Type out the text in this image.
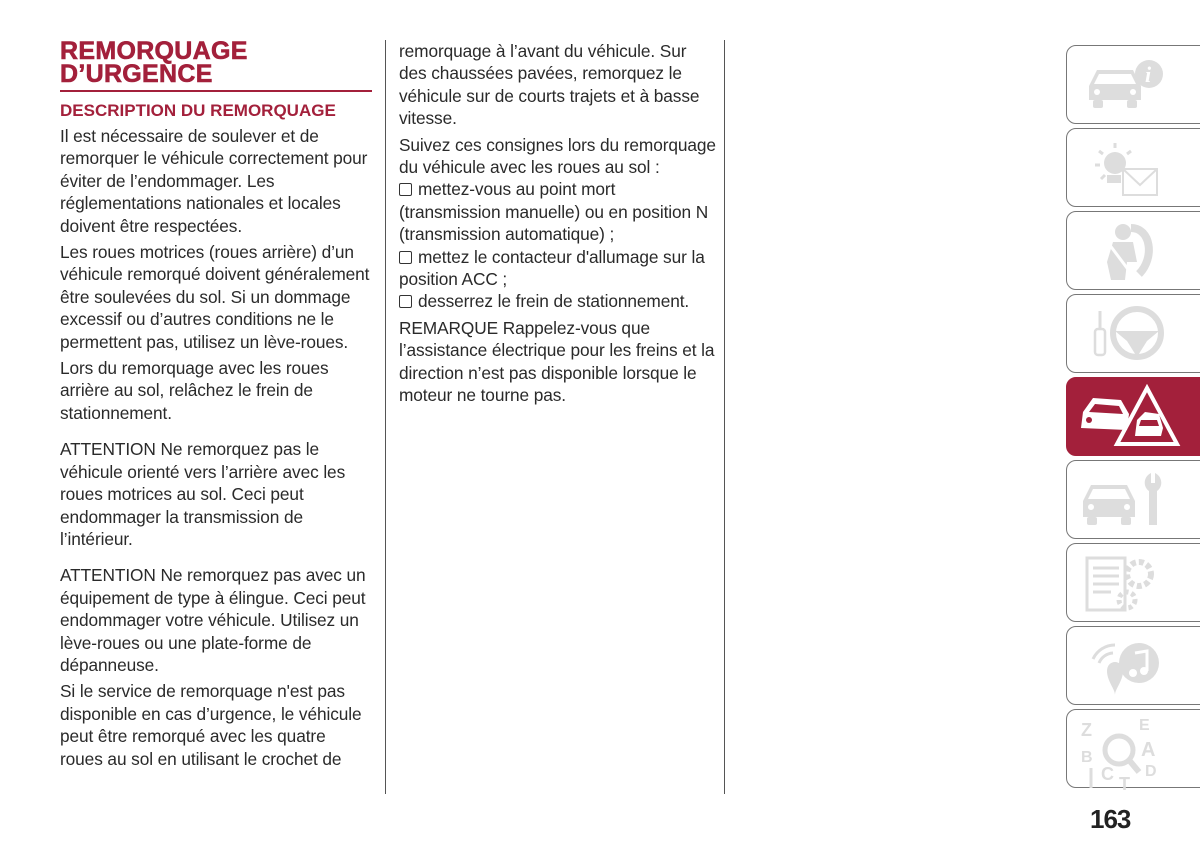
REMORQUAGE
D’URGENCE
DESCRIPTION DU REMORQUAGE

Il est nécessaire de soulever et de remorquer le véhicule correctement pour éviter de l’endommager. Les réglementations nationales et locales doivent être respectées.

Les roues motrices (roues arrière) d’un véhicule remorqué doivent généralement être soulevées du sol. Si un dommage excessif ou d’autres conditions ne le permettent pas, utilisez un lève-roues.

Lors du remorquage avec les roues arrière au sol, relâchez le frein de stationnement.

ATTENTION Ne remorquez pas le véhicule orienté vers l’arrière avec les roues motrices au sol. Ceci peut endommager la transmission de l’intérieur.

ATTENTION Ne remorquez pas avec un équipement de type à élingue. Ceci peut endommager votre véhicule. Utilisez un lève-roues ou une plate-forme de dépanneuse.

Si le service de remorquage n'est pas disponible en cas d’urgence, le véhicule peut être remorqué avec les quatre roues au sol en utilisant le crochet de

remorquage à l’avant du véhicule. Sur des chaussées pavées, remorquez le véhicule sur de courts trajets et à basse vitesse.

Suivez ces consignes lors du remorquage du véhicule avec les roues au sol :

mettez-vous au point mort (transmission manuelle) ou en position N (transmission automatique) ;

mettez le contacteur d'allumage sur la position ACC ;

desserrez le frein de stationnement.

REMARQUE Rappelez-vous que l’assistance électrique pour les freins et la direction n’est pas disponible lorsque le moteur ne tourne pas.

i
Z	E
B A
C T
D
163
